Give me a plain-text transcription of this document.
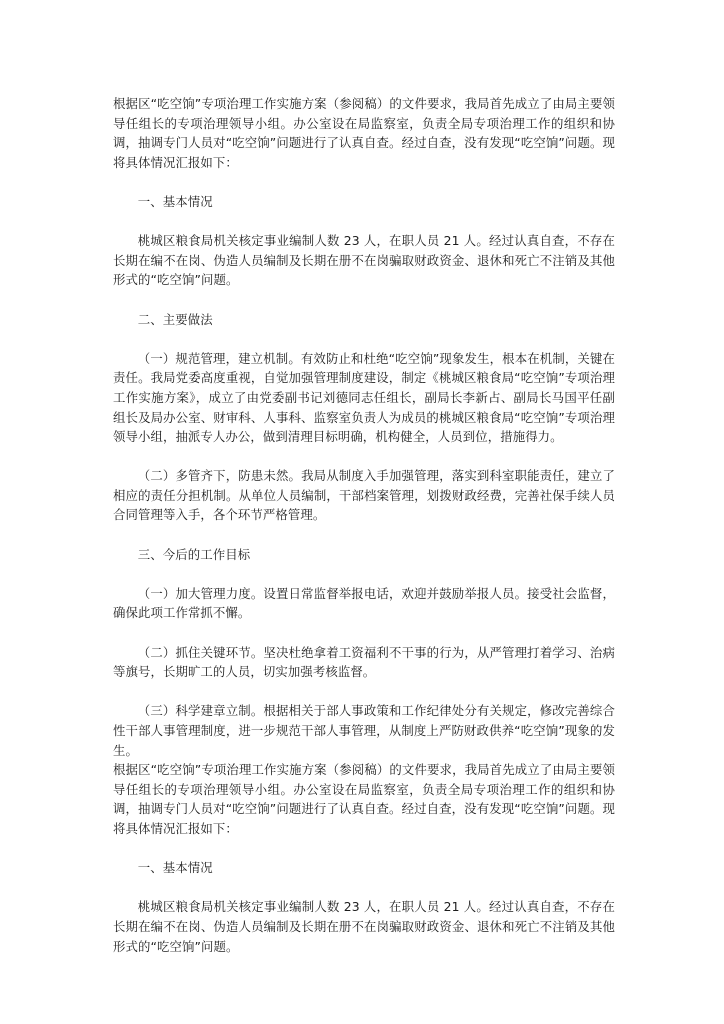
根据区“吃空饷”专项治理工作实施方案（参阅稿）的文件要求，我局首先成立了由局主要领导任组长的专项治理领导小组。办公室设在局监察室，负责全局专项治理工作的组织和协调，抽调专门人员对“吃空饷”问题进行了认真自查。经过自查，没有发现“吃空饷”问题。现将具体情况汇报如下：

一、基本情况

桃城区粮食局机关核定事业编制人数 23 人，在职人员 21 人。经过认真自查，不存在长期在编不在岗、伪造人员编制及长期在册不在岗骗取财政资金、退休和死亡不注销及其他形式的“吃空饷”问题。

二、主要做法

（一）规范管理，建立机制。有效防止和杜绝“吃空饷”现象发生，根本在机制，关键在责任。我局党委高度重视，自觉加强管理制度建设，制定《桃城区粮食局“吃空饷”专项治理工作实施方案》，成立了由党委副书记刘德同志任组长，副局长李新占、副局长马国平任副组长及局办公室、财审科、人事科、监察室负责人为成员的桃城区粮食局“吃空饷”专项治理领导小组，抽派专人办公，做到清理目标明确，机构健全，人员到位，措施得力。

（二）多管齐下，防患未然。我局从制度入手加强管理，落实到科室职能责任，建立了相应的责任分担机制。从单位人员编制，干部档案管理，划拨财政经费，完善社保手续人员合同管理等入手，各个环节严格管理。

三、今后的工作目标

（一）加大管理力度。设置日常监督举报电话，欢迎并鼓励举报人员。接受社会监督，确保此项工作常抓不懈。

（二）抓住关键环节。坚决杜绝拿着工资福利不干事的行为，从严管理打着学习、治病等旗号，长期旷工的人员，切实加强考核监督。

（三）科学建章立制。根据相关于部人事政策和工作纪律处分有关规定，修改完善综合性干部人事管理制度，进一步规范干部人事管理，从制度上严防财政供养“吃空饷”现象的发生。

根据区“吃空饷”专项治理工作实施方案（参阅稿）的文件要求，我局首先成立了由局主要领导任组长的专项治理领导小组。办公室设在局监察室，负责全局专项治理工作的组织和协调，抽调专门人员对“吃空饷”问题进行了认真自查。经过自查，没有发现“吃空饷”问题。现将具体情况汇报如下：

一、基本情况

桃城区粮食局机关核定事业编制人数 23 人，在职人员 21 人。经过认真自查，不存在长期在编不在岗、伪造人员编制及长期在册不在岗骗取财政资金、退休和死亡不注销及其他形式的“吃空饷”问题。
